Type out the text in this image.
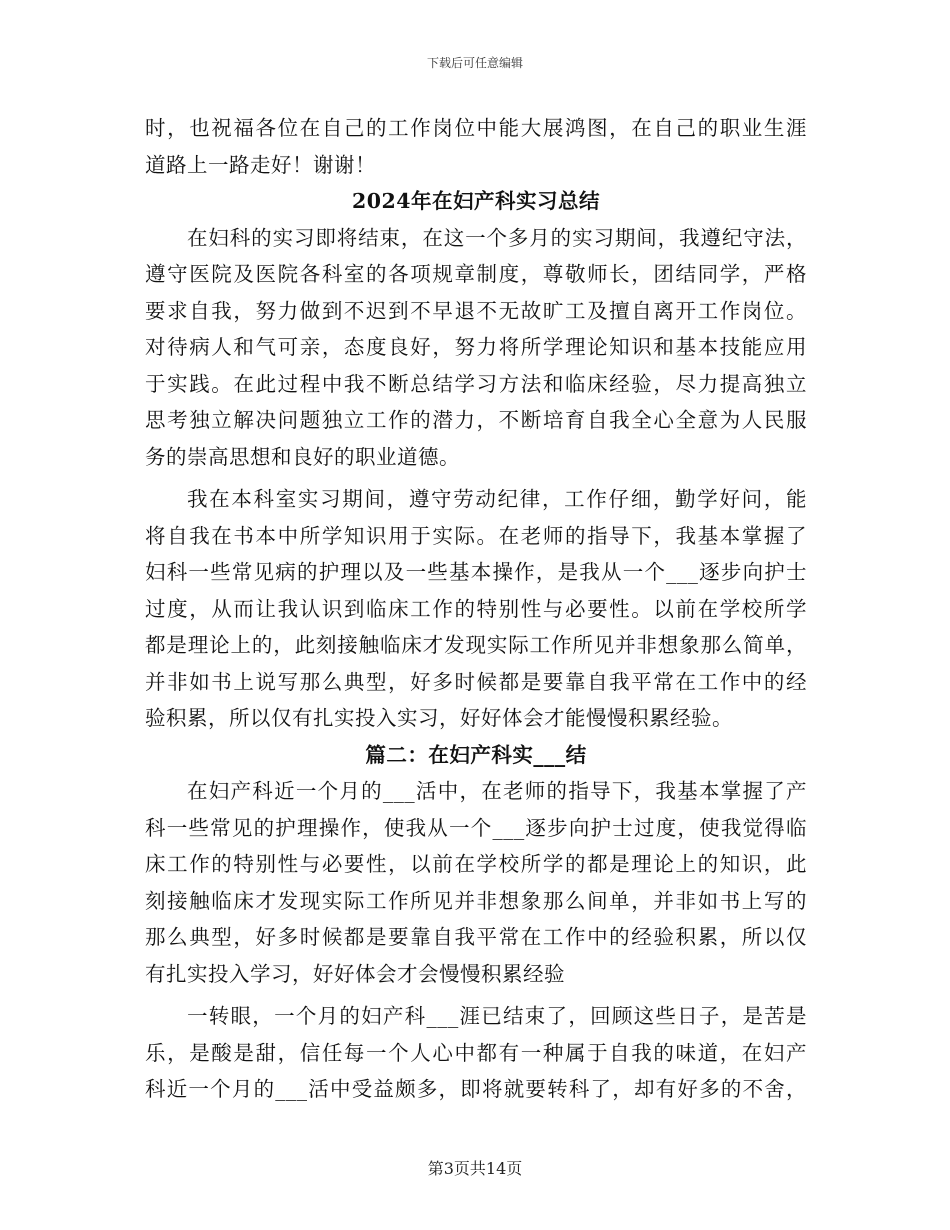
下载后可任意编辑
时，也祝福各位在自己的工作岗位中能大展鸿图，在自己的职业生涯
道路上一路走好！谢谢！
2024年在妇产科实习总结
在妇科的实习即将结束，在这一个多月的实习期间，我遵纪守法，
遵守医院及医院各科室的各项规章制度，尊敬师长，团结同学，严格
要求自我，努力做到不迟到不早退不无故旷工及擅自离开工作岗位。
对待病人和气可亲，态度良好，努力将所学理论知识和基本技能应用
于实践。在此过程中我不断总结学习方法和临床经验，尽力提高独立
思考独立解决问题独立工作的潜力，不断培育自我全心全意为人民服
务的崇高思想和良好的职业道德。
我在本科室实习期间，遵守劳动纪律，工作仔细，勤学好问，能
将自我在书本中所学知识用于实际。在老师的指导下，我基本掌握了
妇科一些常见病的护理以及一些基本操作，是我从一个___逐步向护士
过度，从而让我认识到临床工作的特别性与必要性。以前在学校所学
都是理论上的，此刻接触临床才发现实际工作所见并非想象那么简单，
并非如书上说写那么典型，好多时候都是要靠自我平常在工作中的经
验积累，所以仅有扎实投入实习，好好体会才能慢慢积累经验。
篇二：在妇产科实___结
在妇产科近一个月的___活中，在老师的指导下，我基本掌握了产
科一些常见的护理操作，使我从一个___逐步向护士过度，使我觉得临
床工作的特别性与必要性，以前在学校所学的都是理论上的知识，此
刻接触临床才发现实际工作所见并非想象那么间单，并非如书上写的
那么典型，好多时候都是要靠自我平常在工作中的经验积累，所以仅
有扎实投入学习，好好体会才会慢慢积累经验
一转眼，一个月的妇产科___涯已结束了，回顾这些日子，是苦是
乐，是酸是甜，信任每一个人心中都有一种属于自我的味道，在妇产
科近一个月的___活中受益颇多，即将就要转科了，却有好多的不舍，
第3页共14页
